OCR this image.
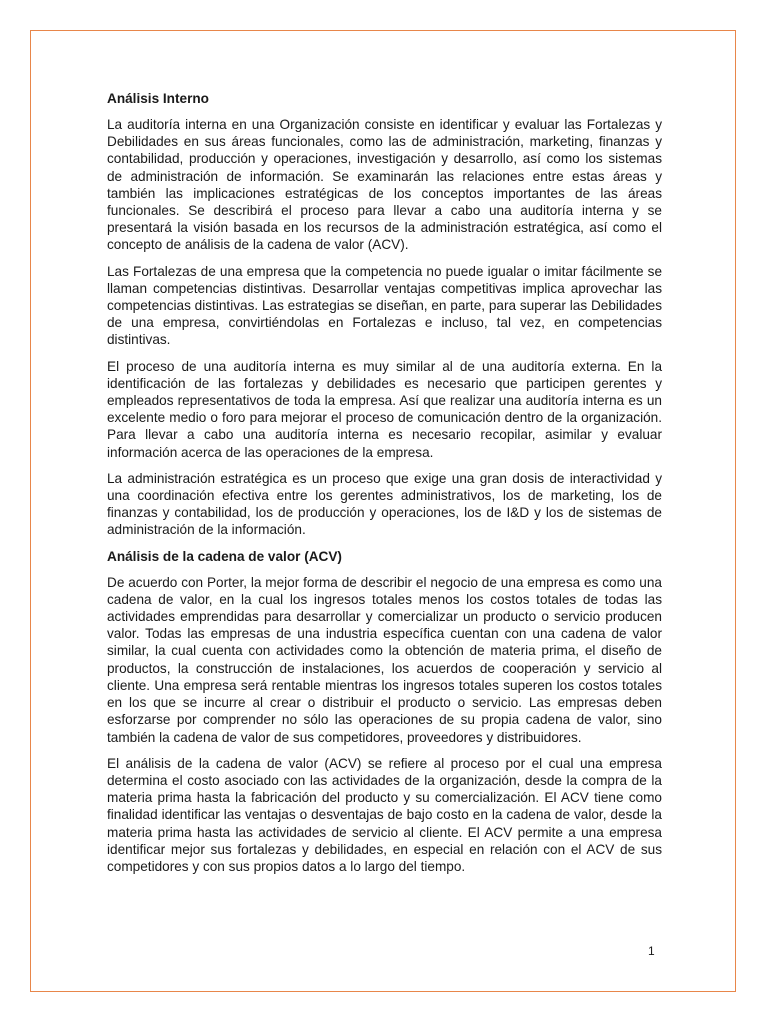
Análisis Interno

La auditoría interna en una Organización consiste en identificar y evaluar las Fortalezas y Debilidades en sus áreas funcionales, como las de administración, marketing, finanzas y contabilidad, producción y operaciones, investigación y desarrollo, así como los sistemas de administración de información. Se examinarán las relaciones entre estas áreas y también las implicaciones estratégicas de los conceptos importantes de las áreas funcionales. Se describirá el proceso para llevar a cabo una auditoría interna y se presentará la visión basada en los recursos de la administración estratégica, así como el concepto de análisis de la cadena de valor (ACV).

Las Fortalezas de una empresa que la competencia no puede igualar o imitar fácilmente se llaman competencias distintivas. Desarrollar ventajas competitivas implica aprovechar las competencias distintivas. Las estrategias se diseñan, en parte, para superar las Debilidades de una empresa, convirtiéndolas en Fortalezas e incluso, tal vez, en competencias distintivas.

El proceso de una auditoría interna es muy similar al de una auditoría externa. En la identificación de las fortalezas y debilidades es necesario que participen gerentes y empleados representativos de toda la empresa. Así que realizar una auditoría interna es un excelente medio o foro para mejorar el proceso de comunicación dentro de la organización. Para llevar a cabo una auditoría interna es necesario recopilar, asimilar y evaluar información acerca de las operaciones de la empresa.

La administración estratégica es un proceso que exige una gran dosis de interactividad y una coordinación efectiva entre los gerentes administrativos, los de marketing, los de finanzas y contabilidad, los de producción y operaciones, los de I&D y los de sistemas de administración de la información.

Análisis de la cadena de valor (ACV)

De acuerdo con Porter, la mejor forma de describir el negocio de una empresa es como una cadena de valor, en la cual los ingresos totales menos los costos totales de todas las actividades emprendidas para desarrollar y comercializar un producto o servicio producen valor. Todas las empresas de una industria específica cuentan con una cadena de valor similar, la cual cuenta con actividades como la obtención de materia prima, el diseño de productos, la construcción de instalaciones, los acuerdos de cooperación y servicio al cliente. Una empresa será rentable mientras los ingresos totales superen los costos totales en los que se incurre al crear o distribuir el producto o servicio. Las empresas deben esforzarse por comprender no sólo las operaciones de su propia cadena de valor, sino también la cadena de valor de sus competidores, proveedores y distribuidores.

El análisis de la cadena de valor (ACV) se refiere al proceso por el cual una empresa determina el costo asociado con las actividades de la organización, desde la compra de la materia prima hasta la fabricación del producto y su comercialización. El ACV tiene como finalidad identificar las ventajas o desventajas de bajo costo en la cadena de valor, desde la materia prima hasta las actividades de servicio al cliente. El ACV permite a una empresa identificar mejor sus fortalezas y debilidades, en especial en relación con el ACV de sus competidores y con sus propios datos a lo largo del tiempo.

1
